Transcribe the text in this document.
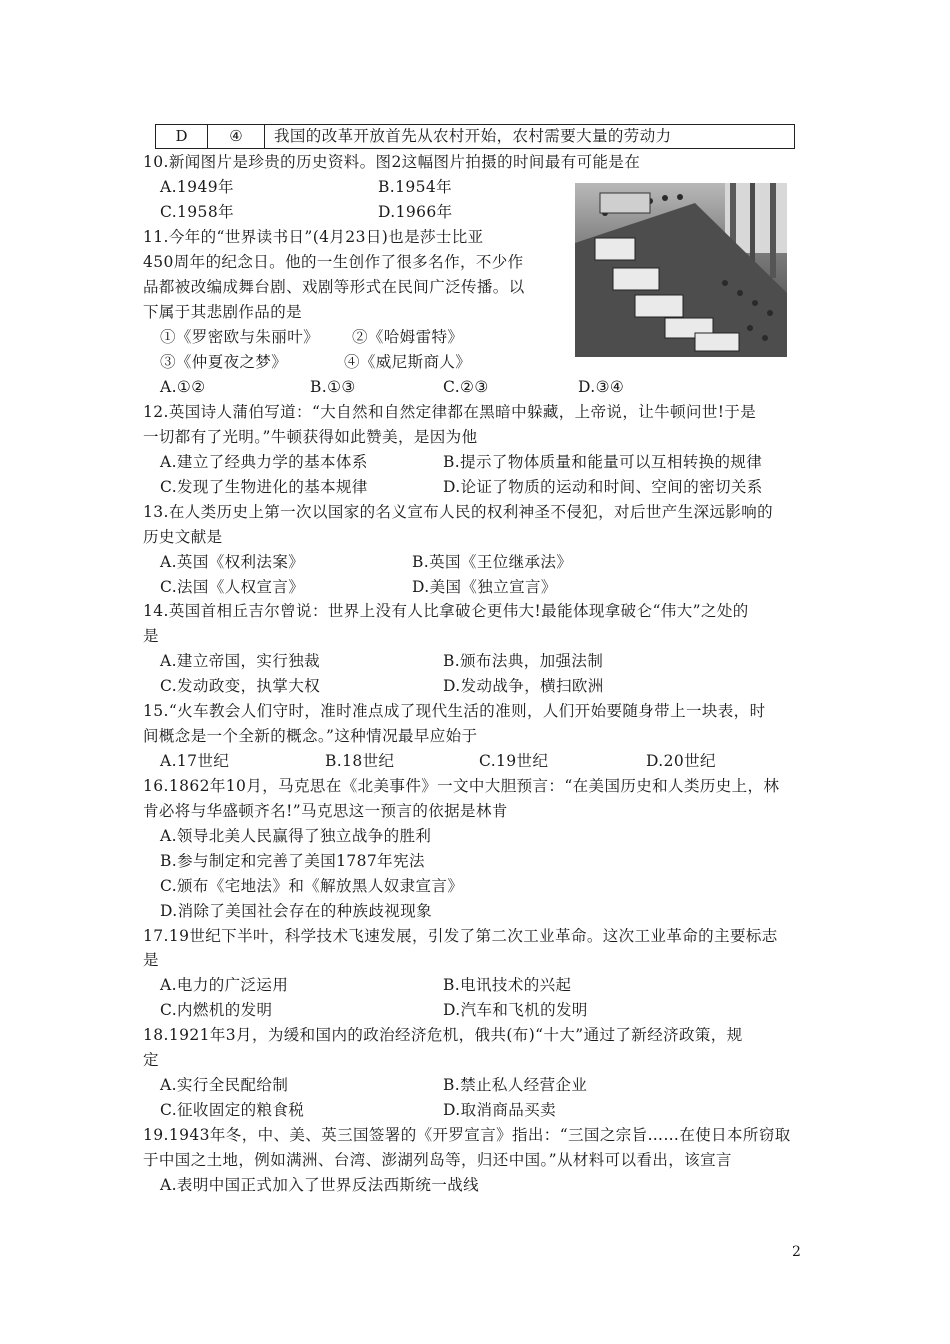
D	④	我国的改革开放首先从农村开始，农村需要大量的劳动力
10.新闻图片是珍贵的历史资料。图2这幅图片拍摄的时间最有可能是在
A.1949年	B.1954年
C.1958年	D.1966年
11.今年的“世界读书日”(4月23日)也是莎士比亚
450周年的纪念日。他的一生创作了很多名作，不少作
品都被改编成舞台剧、戏剧等形式在民间广泛传播。以
下属于其悲剧作品的是
①《罗密欧与朱丽叶》 ②《哈姆雷特》
③《仲夏夜之梦》	④《威尼斯商人》
A.①②	B.①③	C.②③	D.③④
12.英国诗人蒲伯写道：“大自然和自然定律都在黑暗中躲藏，上帝说，让牛顿问世!于是
一切都有了光明。”牛顿获得如此赞美，是因为他
A.建立了经典力学的基本体系	B.提示了物体质量和能量可以互相转换的规律
C.发现了生物进化的基本规律	D.论证了物质的运动和时间、空间的密切关系
13.在人类历史上第一次以国家的名义宣布人民的权利神圣不侵犯，对后世产生深远影响的
历史文献是
A.英国《权利法案》	B.英国《王位继承法》
C.法国《人权宣言》	D.美国《独立宣言》
14.英国首相丘吉尔曾说：世界上没有人比拿破仑更伟大!最能体现拿破仑“伟大”之处的
是
A.建立帝国，实行独裁	B.颁布法典，加强法制
C.发动政变，执掌大权	D.发动战争，横扫欧洲
15.“火车教会人们守时，准时准点成了现代生活的准则，人们开始要随身带上一块表，时
间概念是一个全新的概念。”这种情况最早应始于
A.17世纪	B.18世纪	C.19世纪	D.20世纪
16.1862年10月，马克思在《北美事件》一文中大胆预言：“在美国历史和人类历史上，林
肯必将与华盛顿齐名!”马克思这一预言的依据是林肯
A.领导北美人民赢得了独立战争的胜利
B.参与制定和完善了美国1787年宪法
C.颁布《宅地法》和《解放黑人奴隶宣言》
D.消除了美国社会存在的种族歧视现象
17.19世纪下半叶，科学技术飞速发展，引发了第二次工业革命。这次工业革命的主要标志
是
A.电力的广泛运用	B.电讯技术的兴起
C.内燃机的发明	D.汽车和飞机的发明
18.1921年3月，为缓和国内的政治经济危机，俄共(布)“十大”通过了新经济政策，规
定
A.实行全民配给制	B.禁止私人经营企业
C.征收固定的粮食税	D.取消商品买卖
19.1943年冬，中、美、英三国签署的《开罗宣言》指出：“三国之宗旨……在使日本所窃取
于中国之土地，例如满洲、台湾、澎湖列岛等，归还中国。”从材料可以看出，该宣言
A.表明中国正式加入了世界反法西斯统一战线
2
